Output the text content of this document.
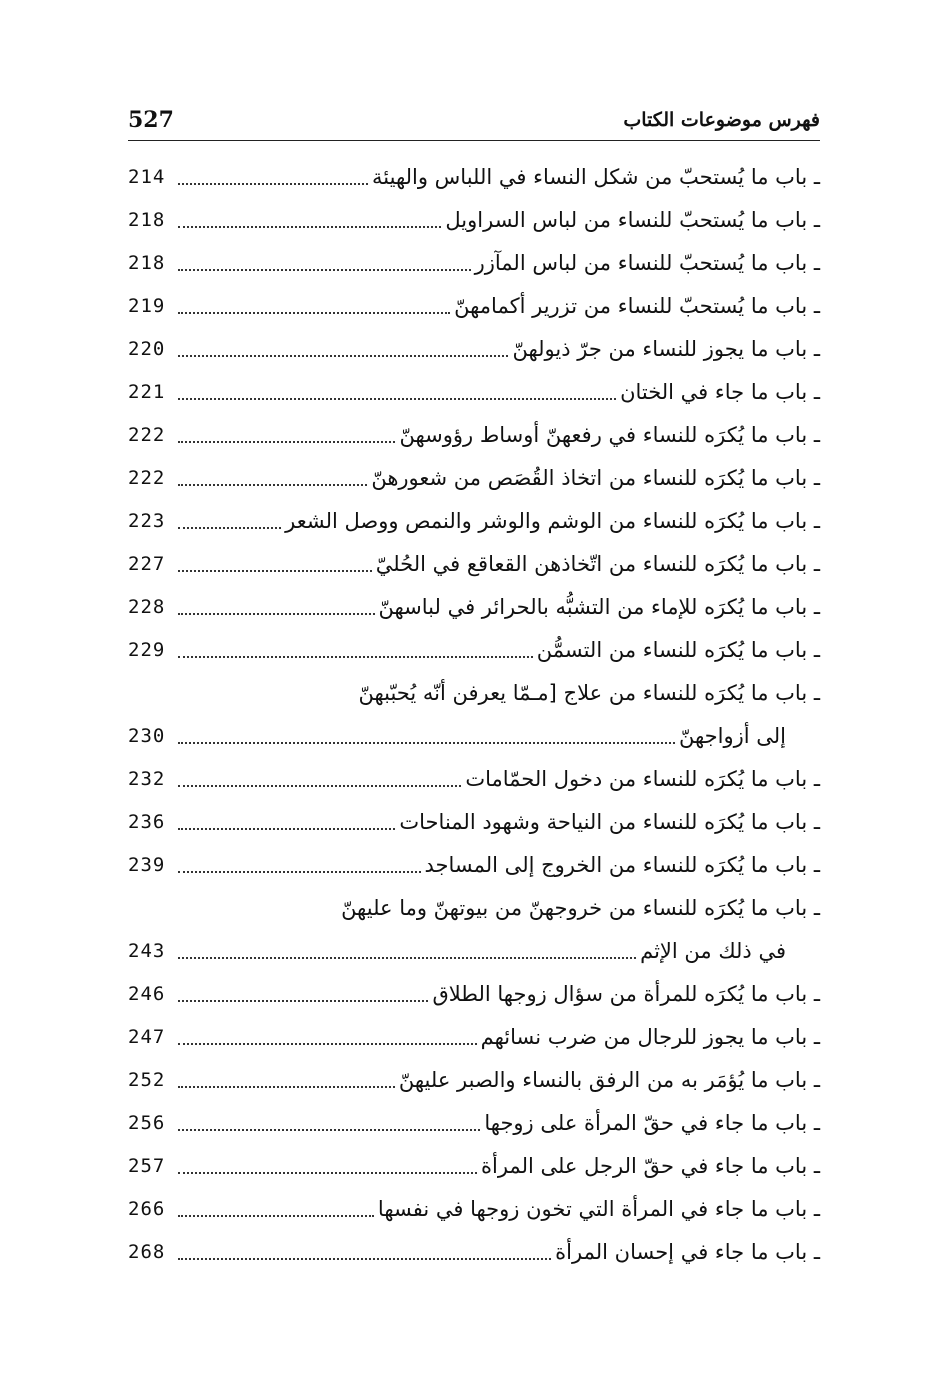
527	فهرس موضوعات الكتاب
ـ باب ما يُستحبّ من شكل النساء في اللباس والهيئة
214
ـ باب ما يُستحبّ للنساء من لباس السراويل
218
ـ باب ما يُستحبّ للنساء من لباس المآزر
218
ـ باب ما يُستحبّ للنساء من تزرير أكمامهنّ
219
ـ باب ما يجوز للنساء من جرّ ذيولهنّ
220
ـ باب ما جاء في الختان
221
ـ باب ما يُكرَه للنساء في رفعهنّ أوساط رؤوسهنّ
222
ـ باب ما يُكرَه للنساء من اتخاذ القُصَص من شعورهنّ
222
ـ باب ما يُكرَه للنساء من الوشم والوشر والنمص ووصل الشعر
223
ـ باب ما يُكرَه للنساء من اتّخاذهن القعاقع في الحُليّ
227
ـ باب ما يُكرَه للإماء من التشبُّه بالحرائر في لباسهنّ
228
ـ باب ما يُكرَه للنساء من التسمُّن
229
ـ باب ما يُكرَه للنساء من علاج [مـمّا يعرفن أنّه يُحبّبهنّ
إلى أزواجهنّ
230
ـ باب ما يُكرَه للنساء من دخول الحمّامات
232
ـ باب ما يُكرَه للنساء من النياحة وشهود المناحات
236
ـ باب ما يُكرَه للنساء من الخروج إلى المساجد
239
ـ باب ما يُكرَه للنساء من خروجهنّ من بيوتهنّ وما عليهنّ
في ذلك من الإثم
243
ـ باب ما يُكرَه للمرأة من سؤال زوجها الطلاق
246
ـ باب ما يجوز للرجال من ضرب نسائهم
247
ـ باب ما يُؤمَر به من الرفق بالنساء والصبر عليهنّ
252
ـ باب ما جاء في حقّ المرأة على زوجها
256
ـ باب ما جاء في حقّ الرجل على المرأة
257
ـ باب ما جاء في المرأة التي تخون زوجها في نفسها
266
ـ باب ما جاء في إحسان المرأة
268
